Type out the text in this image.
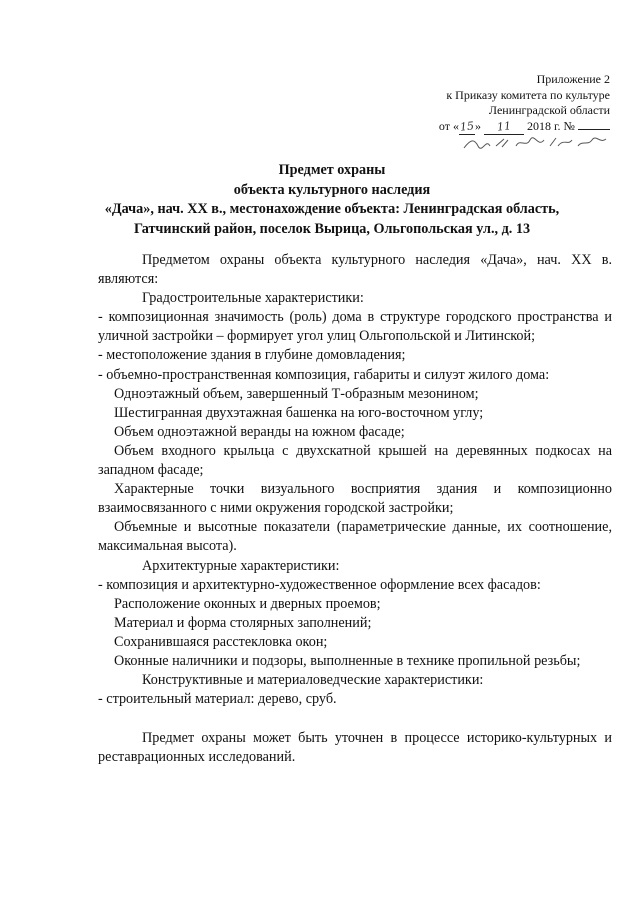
Приложение 2
к Приказу комитета по культуре
Ленинградской области
от «15» 11 2018 г. №
Предмет охраны
объекта культурного наследия
«Дача», нач. XX в., местонахождение объекта: Ленинградская область,
Гатчинский район, поселок Вырица, Ольгопольская ул., д. 13

Предметом охраны объекта культурного наследия «Дача», нач. XX в. являются:

Градостроительные характеристики:

- композиционная значимость (роль) дома в структуре городского пространства и уличной застройки – формирует угол улиц Ольгопольской и Литинской;

- местоположение здания в глубине домовладения;

- объемно-пространственная композиция, габариты и силуэт жилого дома:

Одноэтажный объем, завершенный Т-образным мезонином;

Шестигранная двухэтажная башенка на юго-восточном углу;

Объем одноэтажной веранды на южном фасаде;

Объем входного крыльца с двухскатной крышей на деревянных подкосах на западном фасаде;

Характерные точки визуального восприятия здания и композиционно взаимосвязанного с ними окружения городской застройки;

Объемные и высотные показатели (параметрические данные, их соотношение, максимальная высота).

Архитектурные характеристики:

- композиция и архитектурно-художественное оформление всех фасадов:

Расположение оконных и дверных проемов;

Материал и форма столярных заполнений;

Сохранившаяся расстекловка окон;

Оконные наличники и подзоры, выполненные в технике пропильной резьбы;

Конструктивные и материаловедческие характеристики:

- строительный материал: дерево, сруб.

Предмет охраны может быть уточнен в процессе историко-культурных и реставрационных исследований.
